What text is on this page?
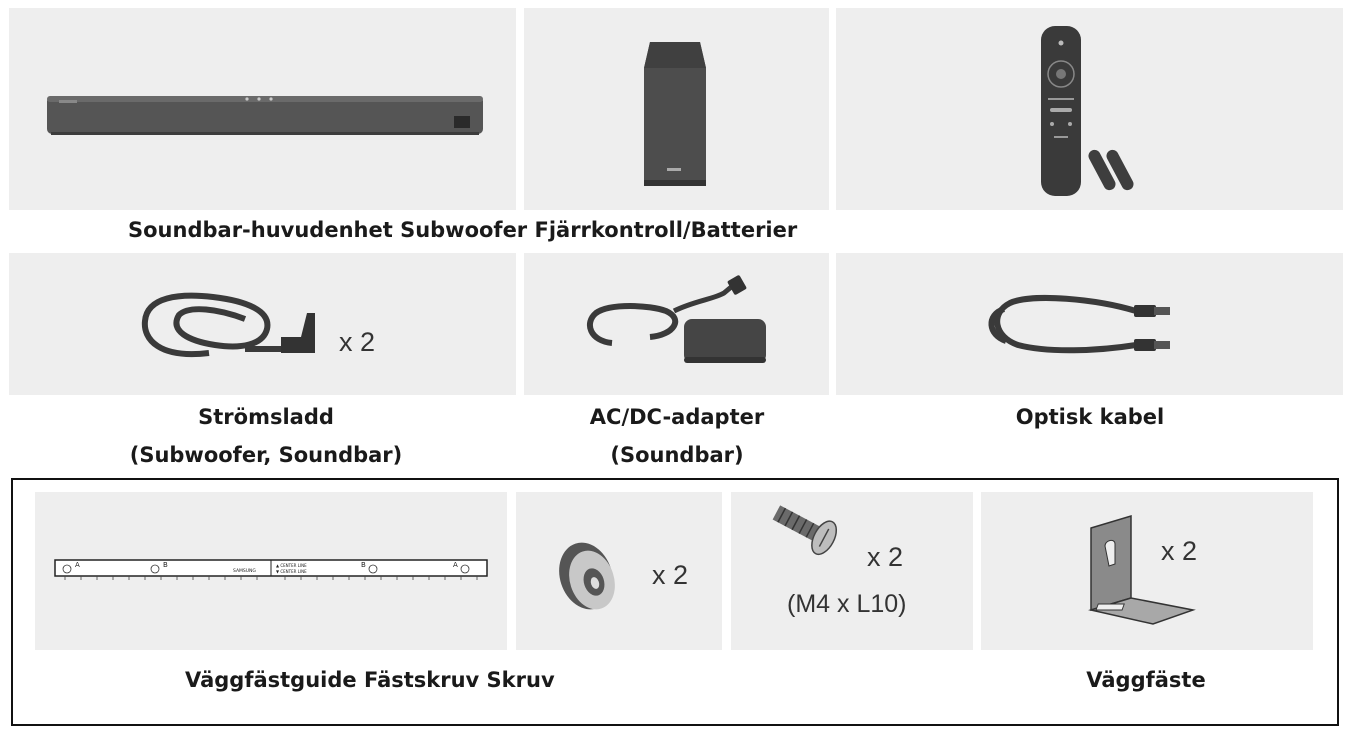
Soundbar-huvudenhet Subwoofer Fjärrkontroll/Batterier
x 2
Strömsladd
(Subwoofer, Soundbar)
AC/DC-adapter
(Soundbar)
Optisk kabel
A	B
SAMSUNG
▲ CENTER LINE
▼ CENTER LINE
B	A	x 2
x 2
(M4 x L10)
x 2
Väggfästguide Fästskruv Skruv	Väggfäste
